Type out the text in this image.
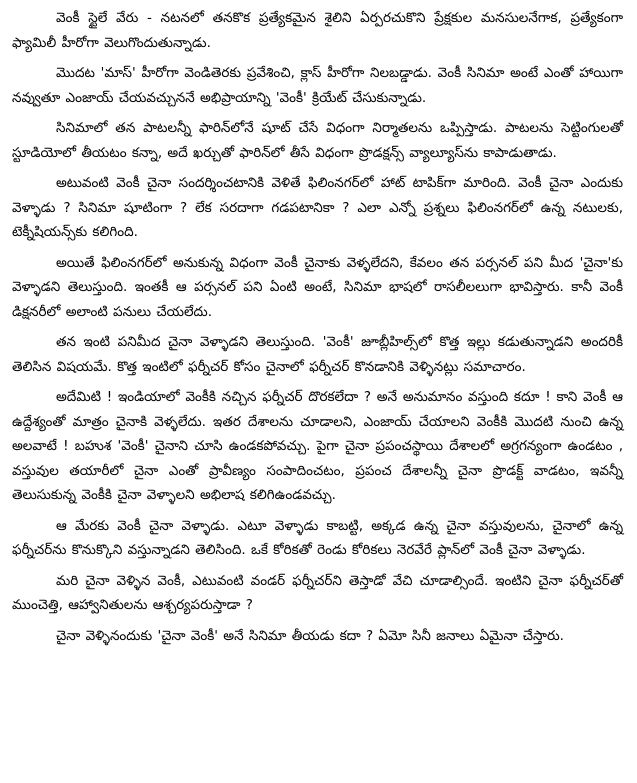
వెంకీ స్టైలే వేరు - నటనలో తనకొక ప్రత్యేకమైన శైలిని ఏర్పరచుకొని ప్రేక్షకుల మనసులనేగాక, ప్రత్యేకంగా ఫ్యామిలీ హీరోగా వెలుగొందుతున్నాడు.

మొదట 'మాస్' హీరోగా వెండితెరకు ప్రవేశించి, క్లాస్ హీరోగా నిలబడ్డాడు. వెంకీ సినిమా అంటే ఎంతో హాయిగా నవ్వుతూ ఎంజాయ్ చేయవచ్చుననే అభిప్రాయాన్ని 'వెంకీ' క్రియేట్ చేసుకున్నాడు.

సినిమాలో తన పాటలన్నీ ఫారిన్‌లోనే షూట్ చేసే విధంగా నిర్మాతలను ఒప్పిస్తాడు. పాటలను సెట్టింగులతో స్టూడియోలో తీయటం కన్నా, అదే ఖర్చుతో ఫారిన్‌లో తీసే విధంగా ప్రొడక్షన్స్ వ్యాల్యూస్‌ను కాపాడుతాడు.

అటువంటి వెంకీ చైనా సందర్శించటానికి వెళితే ఫిలింనగర్‌లో హాట్ టాపిక్‌గా మారింది. వెంకీ చైనా ఎందుకు వెళ్ళాడు ? సినిమా షూటింగా ? లేక సరదాగా గడపటానికా ? ఎలా ఎన్నో ప్రశ్నలు ఫిలింనగర్‌లో ఉన్న నటులకు, టెక్నీషియన్స్‌కు కలిగింది.

అయితే ఫిలింనగర్‌లో అనుకున్న విధంగా వెంకీ చైనాకు వెళ్ళలేదని, కేవలం తన పర్సనల్ పని మీద 'చైనా'కు వెళ్ళాడని తెలుస్తుంది. ఇంతకీ ఆ పర్సనల్ పని ఏంటి అంటే, సినిమా భాషలో రాసలీలలుగా భావిస్తారు. కానీ వెంకీ డిక్షనరీలో అలాంటి పనులు చేయలేదు.

తన ఇంటి పనిమీద చైనా వెళ్ళాడని తెలుస్తుంది. 'వెంకీ' జూబ్లీహిల్స్‌లో కొత్త ఇల్లు కడుతున్నాడని అందరికీ తెలిసిన విషయమే. కొత్త ఇంటిలో ఫర్నీచర్ కోసం చైనాలో ఫర్నీచర్ కొనడానికి వెళ్ళినట్లు సమాచారం.

అదేమిటి ! ఇండియాలో వెంకీకి నచ్చిన ఫర్నీచర్ దొరకలేదా ? అనే అనుమానం వస్తుంది కదూ ! కాని వెంకీ ఆ ఉద్దేశ్యంతో మాత్రం చైనాకి వెళ్ళలేదు. ఇతర దేశాలను చూడాలని, ఎంజాయ్ చేయాలని వెంకీకి మొదటి నుంచి ఉన్న అలవాటే ! బహుశ 'వెంకీ' చైనాని చూసి ఉండకపోవచ్చు. పైగా చైనా ప్రపంచస్థాయి దేశాలలో అగ్రగన్యంగా ఉండటం , వస్తువుల తయారీలో చైనా ఎంతో ప్రావీణ్యం సంపాదించటం, ప్రపంచ దేశాలన్నీ చైనా ప్రొడక్ట్ వాడటం, ఇవన్నీ తెలుసుకున్న వెంకీకి చైనా వెళ్ళాలని అభిలాష కలిగిఉండవచ్చు.

ఆ మేరకు వెంకీ చైనా వెళ్ళాడు. ఎటూ వెళ్ళాడు కాబట్టి, అక్కడ ఉన్న చైనా వస్తువులను, చైనాలో ఉన్న ఫర్నీచర్‌ను కొనుక్కొని వస్తున్నాడని తెలిసింది. ఒకే కోరికతో రెండు కోరికలు నెరవేరే ప్లాన్‌లో వెంకీ చైనా వెళ్ళాడు.

మరి చైనా వెళ్ళిన వెంకీ, ఎటువంటి వండర్ ఫర్నీచర్‌ని తెస్తాడో వేచి చూడాల్సిందే. ఇంటిని చైనా ఫర్నీచర్‌తో ముంచెత్తి, ఆహ్వానితులను ఆశ్చర్యపరుస్తాడా ?

చైనా వెళ్ళినందుకు 'చైనా వెంకీ' అనే సినిమా తీయడు కదా ? ఏమో సినీ జనాలు ఏమైనా చేస్తారు.
